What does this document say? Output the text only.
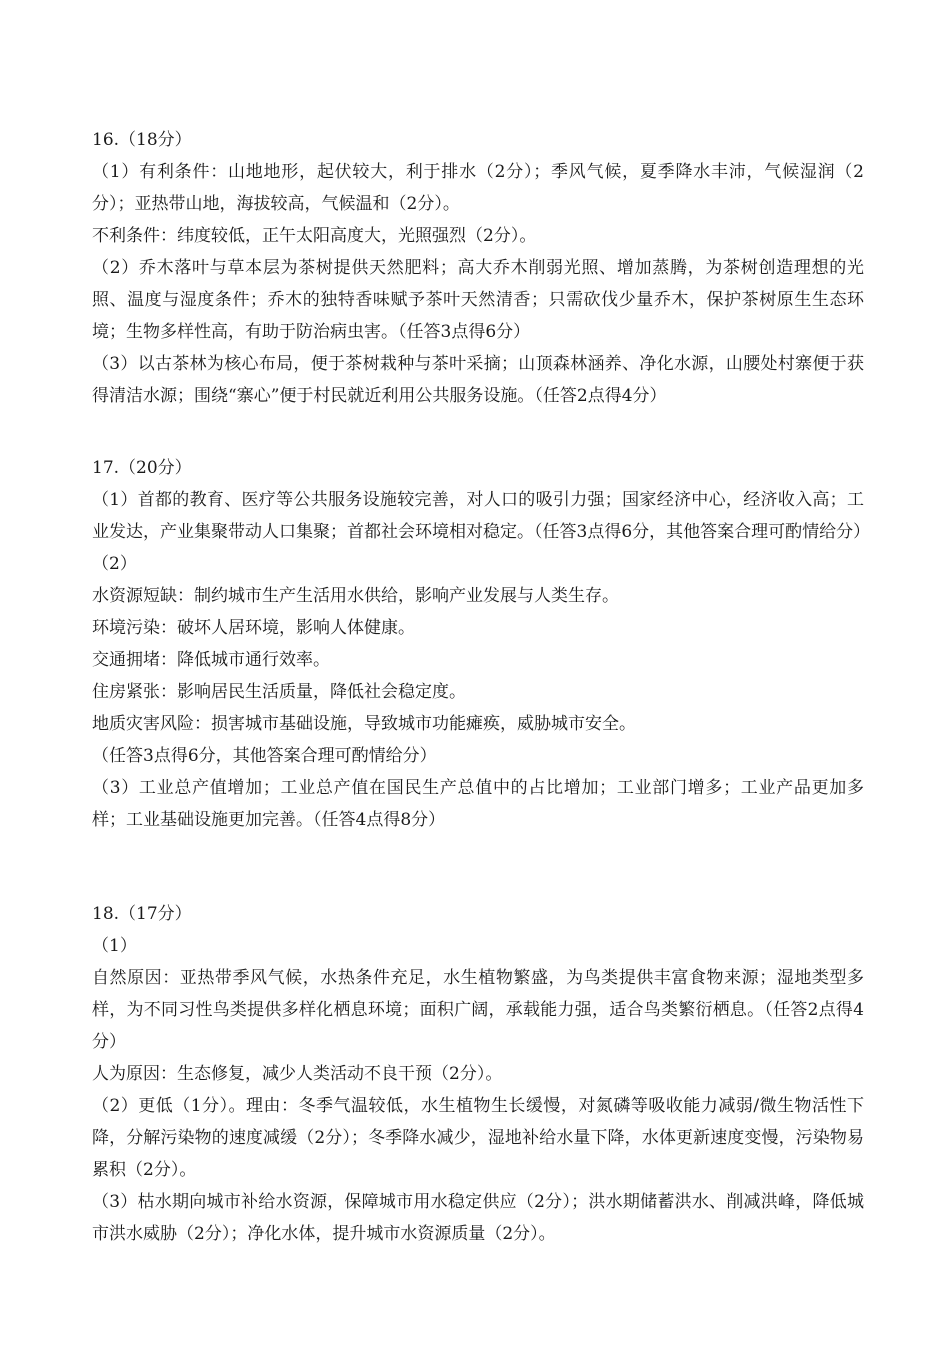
16.（18分）

（1）有利条件：山地地形，起伏较大，利于排水（2分）；季风气候，夏季降水丰沛，气候湿润（2分）；亚热带山地，海拔较高，气候温和（2分）。

不利条件：纬度较低，正午太阳高度大，光照强烈（2分）。

（2）乔木落叶与草本层为茶树提供天然肥料；高大乔木削弱光照、增加蒸腾，为茶树创造理想的光照、温度与湿度条件；乔木的独特香味赋予茶叶天然清香；只需砍伐少量乔木，保护茶树原生生态环境；生物多样性高，有助于防治病虫害。（任答3点得6分）

（3）以古茶林为核心布局，便于茶树栽种与茶叶采摘；山顶森林涵养、净化水源，山腰处村寨便于获得清洁水源；围绕“寨心”便于村民就近利用公共服务设施。（任答2点得4分）

17.（20分）

（1）首都的教育、医疗等公共服务设施较完善，对人口的吸引力强；国家经济中心，经济收入高；工业发达，产业集聚带动人口集聚；首都社会环境相对稳定。（任答3点得6分，其他答案合理可酌情给分）

（2）

水资源短缺：制约城市生产生活用水供给，影响产业发展与人类生存。

环境污染：破坏人居环境，影响人体健康。

交通拥堵：降低城市通行效率。

住房紧张：影响居民生活质量，降低社会稳定度。

地质灾害风险：损害城市基础设施，导致城市功能瘫痪，威胁城市安全。

（任答3点得6分，其他答案合理可酌情给分）

（3）工业总产值增加；工业总产值在国民生产总值中的占比增加；工业部门增多；工业产品更加多样；工业基础设施更加完善。（任答4点得8分）

18.（17分）

（1）

自然原因：亚热带季风气候，水热条件充足，水生植物繁盛，为鸟类提供丰富食物来源；湿地类型多样，为不同习性鸟类提供多样化栖息环境；面积广阔，承载能力强，适合鸟类繁衍栖息。（任答2点得4分）

人为原因：生态修复，减少人类活动不良干预（2分）。

（2）更低（1分）。理由：冬季气温较低，水生植物生长缓慢，对氮磷等吸收能力减弱/微生物活性下降，分解污染物的速度减缓（2分）；冬季降水减少，湿地补给水量下降，水体更新速度变慢，污染物易累积（2分）。

（3）枯水期向城市补给水资源，保障城市用水稳定供应（2分）；洪水期储蓄洪水、削减洪峰，降低城市洪水威胁（2分）；净化水体，提升城市水资源质量（2分）。
